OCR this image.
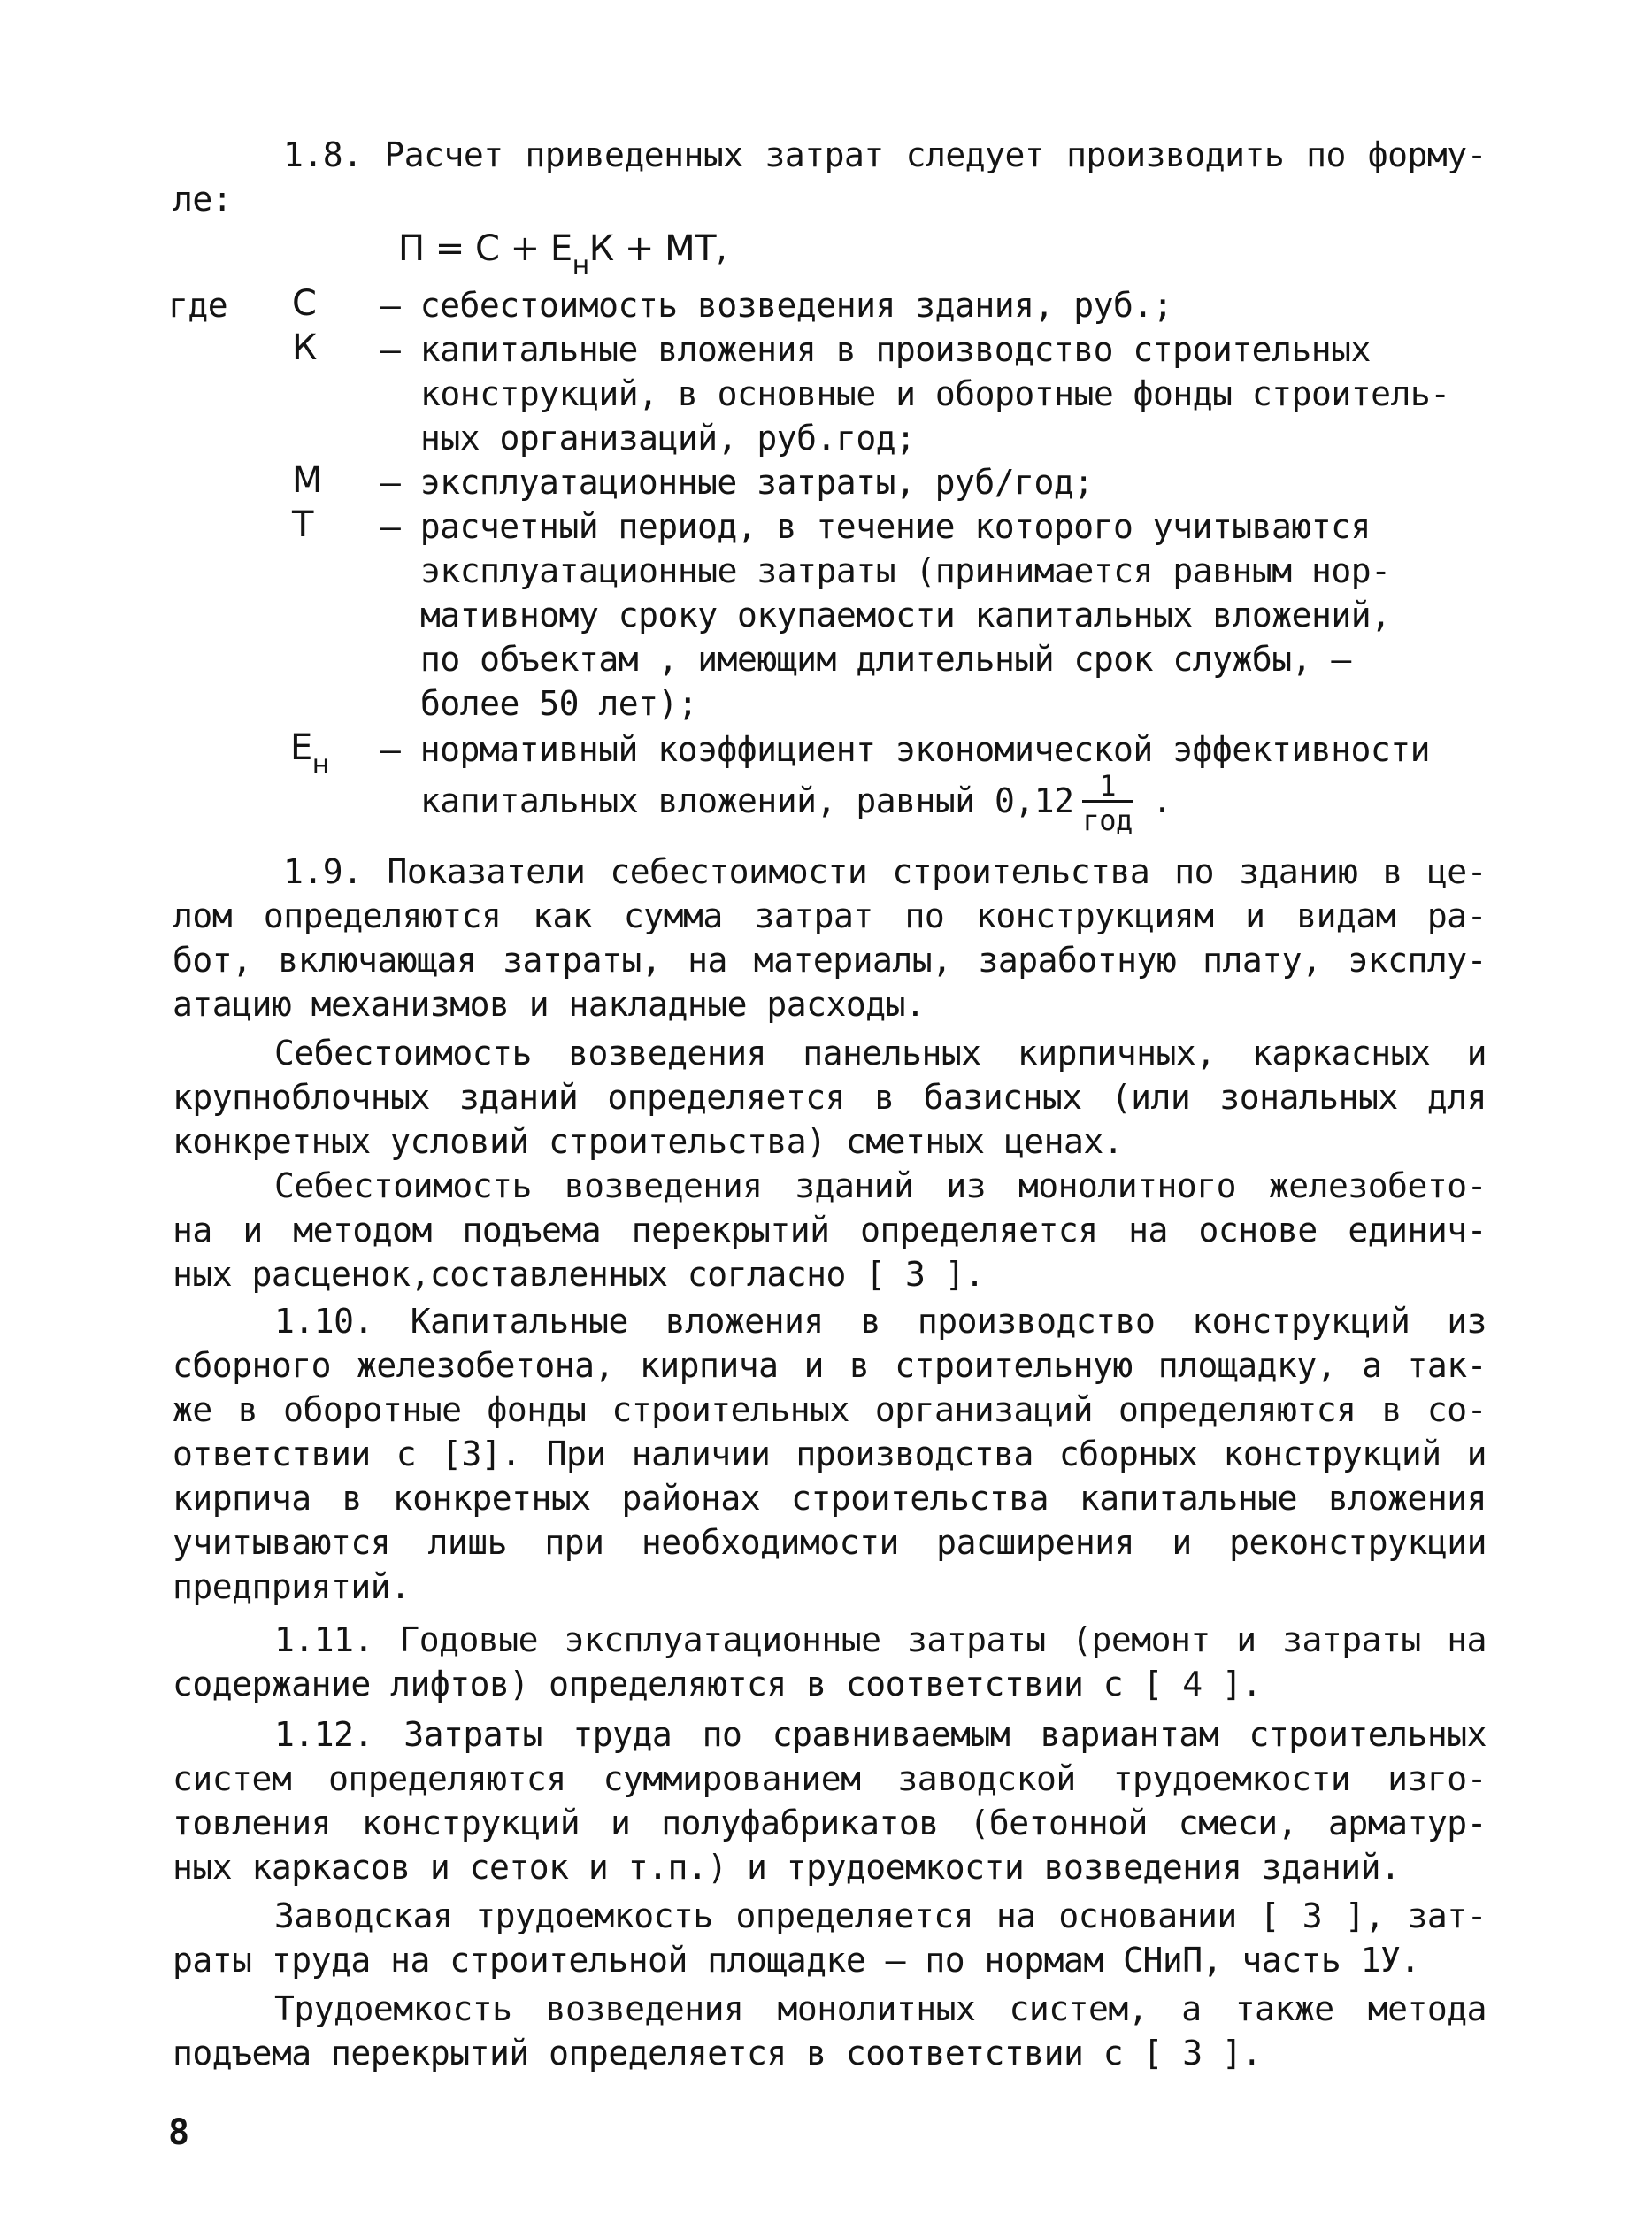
1.8. Расчет приведенных затрат следует производить по форму-
ле:
$П = С + Е_нК$ + МТ,
где С – себестоимость возведения здания, руб.;
К – капитальные вложения в производство строительных
конструкций, в основные и оборотные фонды строитель-
ных организаций, руб.год;
М – эксплуатационные затраты, руб/год;
Т – расчетный период, в течение которого учитываются
эксплуатационные затраты (принимается равным нор-
мативному сроку окупаемости капитальных вложений,
по объектам , имеющим длительный срок службы, –
более 50 лет);
$Е_н$ – нормативный коэффициент экономической эффективности
капитальных вложений, равный $0,12 \frac{1}{\text{год}}$ .
1.9. Показатели себестоимости строительства по зданию в це-
лом определяются как сумма затрат по конструкциям и видам ра-
бот, включающая затраты, на материалы, заработную плату, эксплу-
атацию механизмов и накладные расходы.
Себестоимость возведения панельных кирпичных, каркасных и
крупноблочных зданий определяется в базисных (или зональных для
конкретных условий строительства) сметных ценах.
Себестоимость возведения зданий из монолитного железобето-
на и методом подъема перекрытий определяется на основе единич-
ных расценок,составленных согласно [ 3 ].
1.10. Капитальные вложения в производство конструкций из
сборного железобетона, кирпича и в строительную площадку, а так-
же в оборотные фонды строительных организаций определяются в со-
ответствии с [3]. При наличии производства сборных конструкций и
кирпича в конкретных районах строительства капитальные вложения
учитываются лишь при необходимости расширения и реконструкции
предприятий.
1.11. Годовые эксплуатационные затраты (ремонт и затраты на
содержание лифтов) определяются в соответствии с [ 4 ].
1.12. Затраты труда по сравниваемым вариантам строительных
систем определяются суммированием заводской трудоемкости изго-
товления конструкций и полуфабрикатов (бетонной смеси, арматур-
ных каркасов и сеток и т.п.) и трудоемкости возведения зданий.
Заводская трудоемкость определяется на основании [ 3 ], зат-
раты труда на строительной площадке – по нормам СНиП, часть 1У.
Трудоемкость возведения монолитных систем, а также метода
подъема перекрытий определяется в соответствии с [ 3 ].
8
